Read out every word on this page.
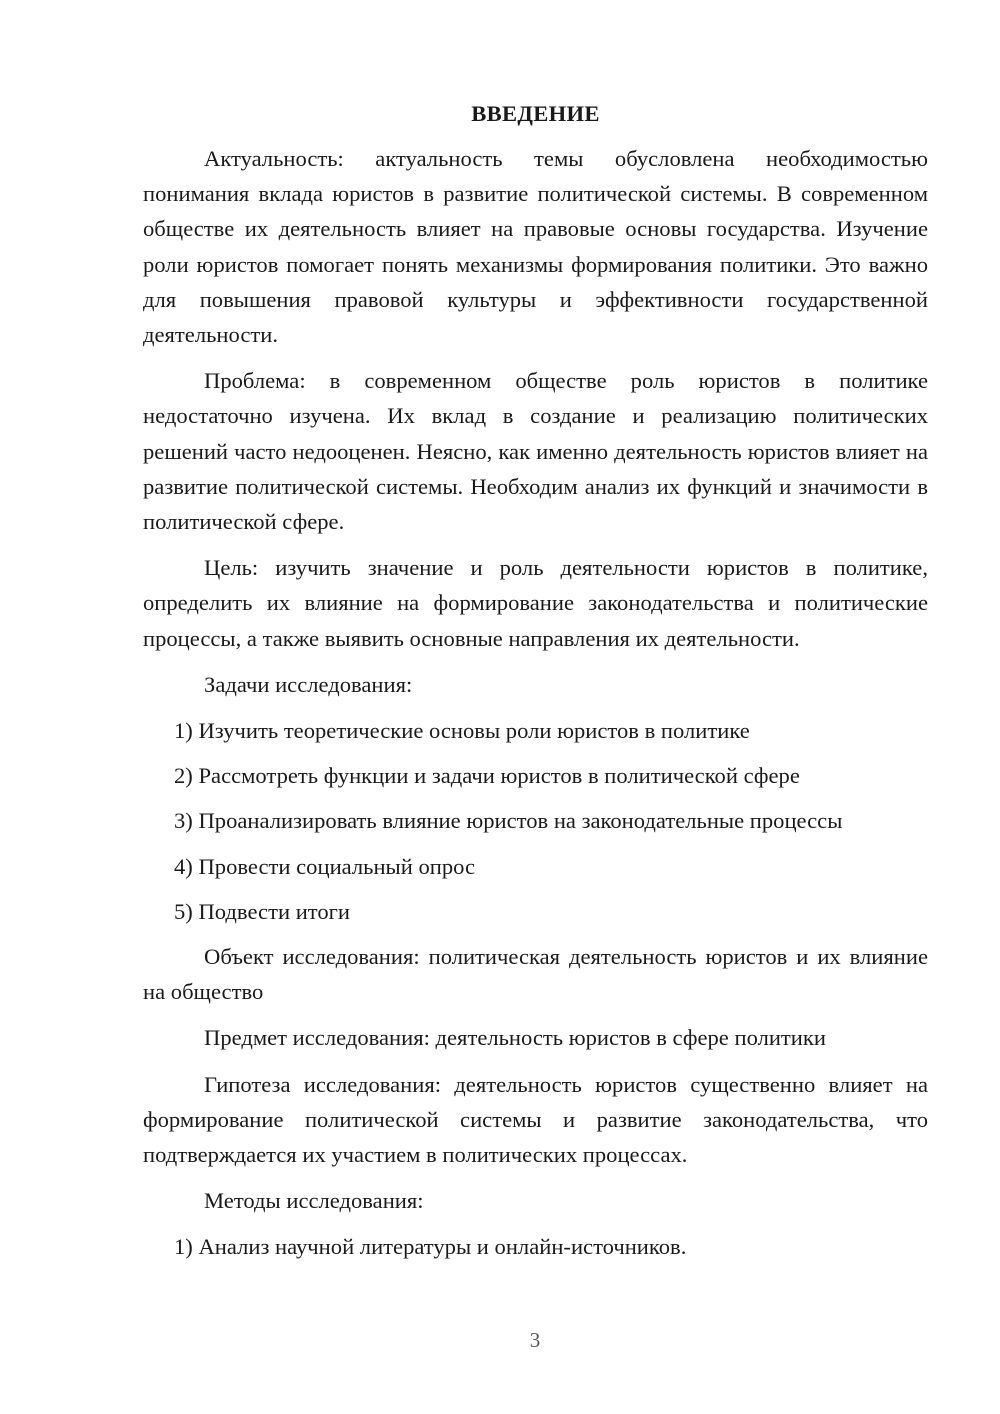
ВВЕДЕНИЕ

Актуальность: актуальность темы обусловлена необходимостью понимания вклада юристов в развитие политической системы. В современном обществе их деятельность влияет на правовые основы государства. Изучение роли юристов помогает понять механизмы формирования политики. Это важно для повышения правовой культуры и эффективности государственной деятельности.

Проблема: в современном обществе роль юристов в политике недостаточно изучена. Их вклад в создание и реализацию политических решений часто недооценен. Неясно, как именно деятельность юристов влияет на развитие политической системы. Необходим анализ их функций и значимости в политической сфере.

Цель: изучить значение и роль деятельности юристов в политике, определить их влияние на формирование законодательства и политические процессы, а также выявить основные направления их деятельности.

Задачи исследования:

1) Изучить теоретические основы роли юристов в политике

2) Рассмотреть функции и задачи юристов в политической сфере

3) Проанализировать влияние юристов на законодательные процессы

4) Провести социальный опрос

5) Подвести итоги

Объект исследования: политическая деятельность юристов и их влияние на общество

Предмет исследования: деятельность юристов в сфере политики

Гипотеза исследования: деятельность юристов существенно влияет на формирование политической системы и развитие законодательства, что подтверждается их участием в политических процессах.

Методы исследования:

1) Анализ научной литературы и онлайн-источников.

3
